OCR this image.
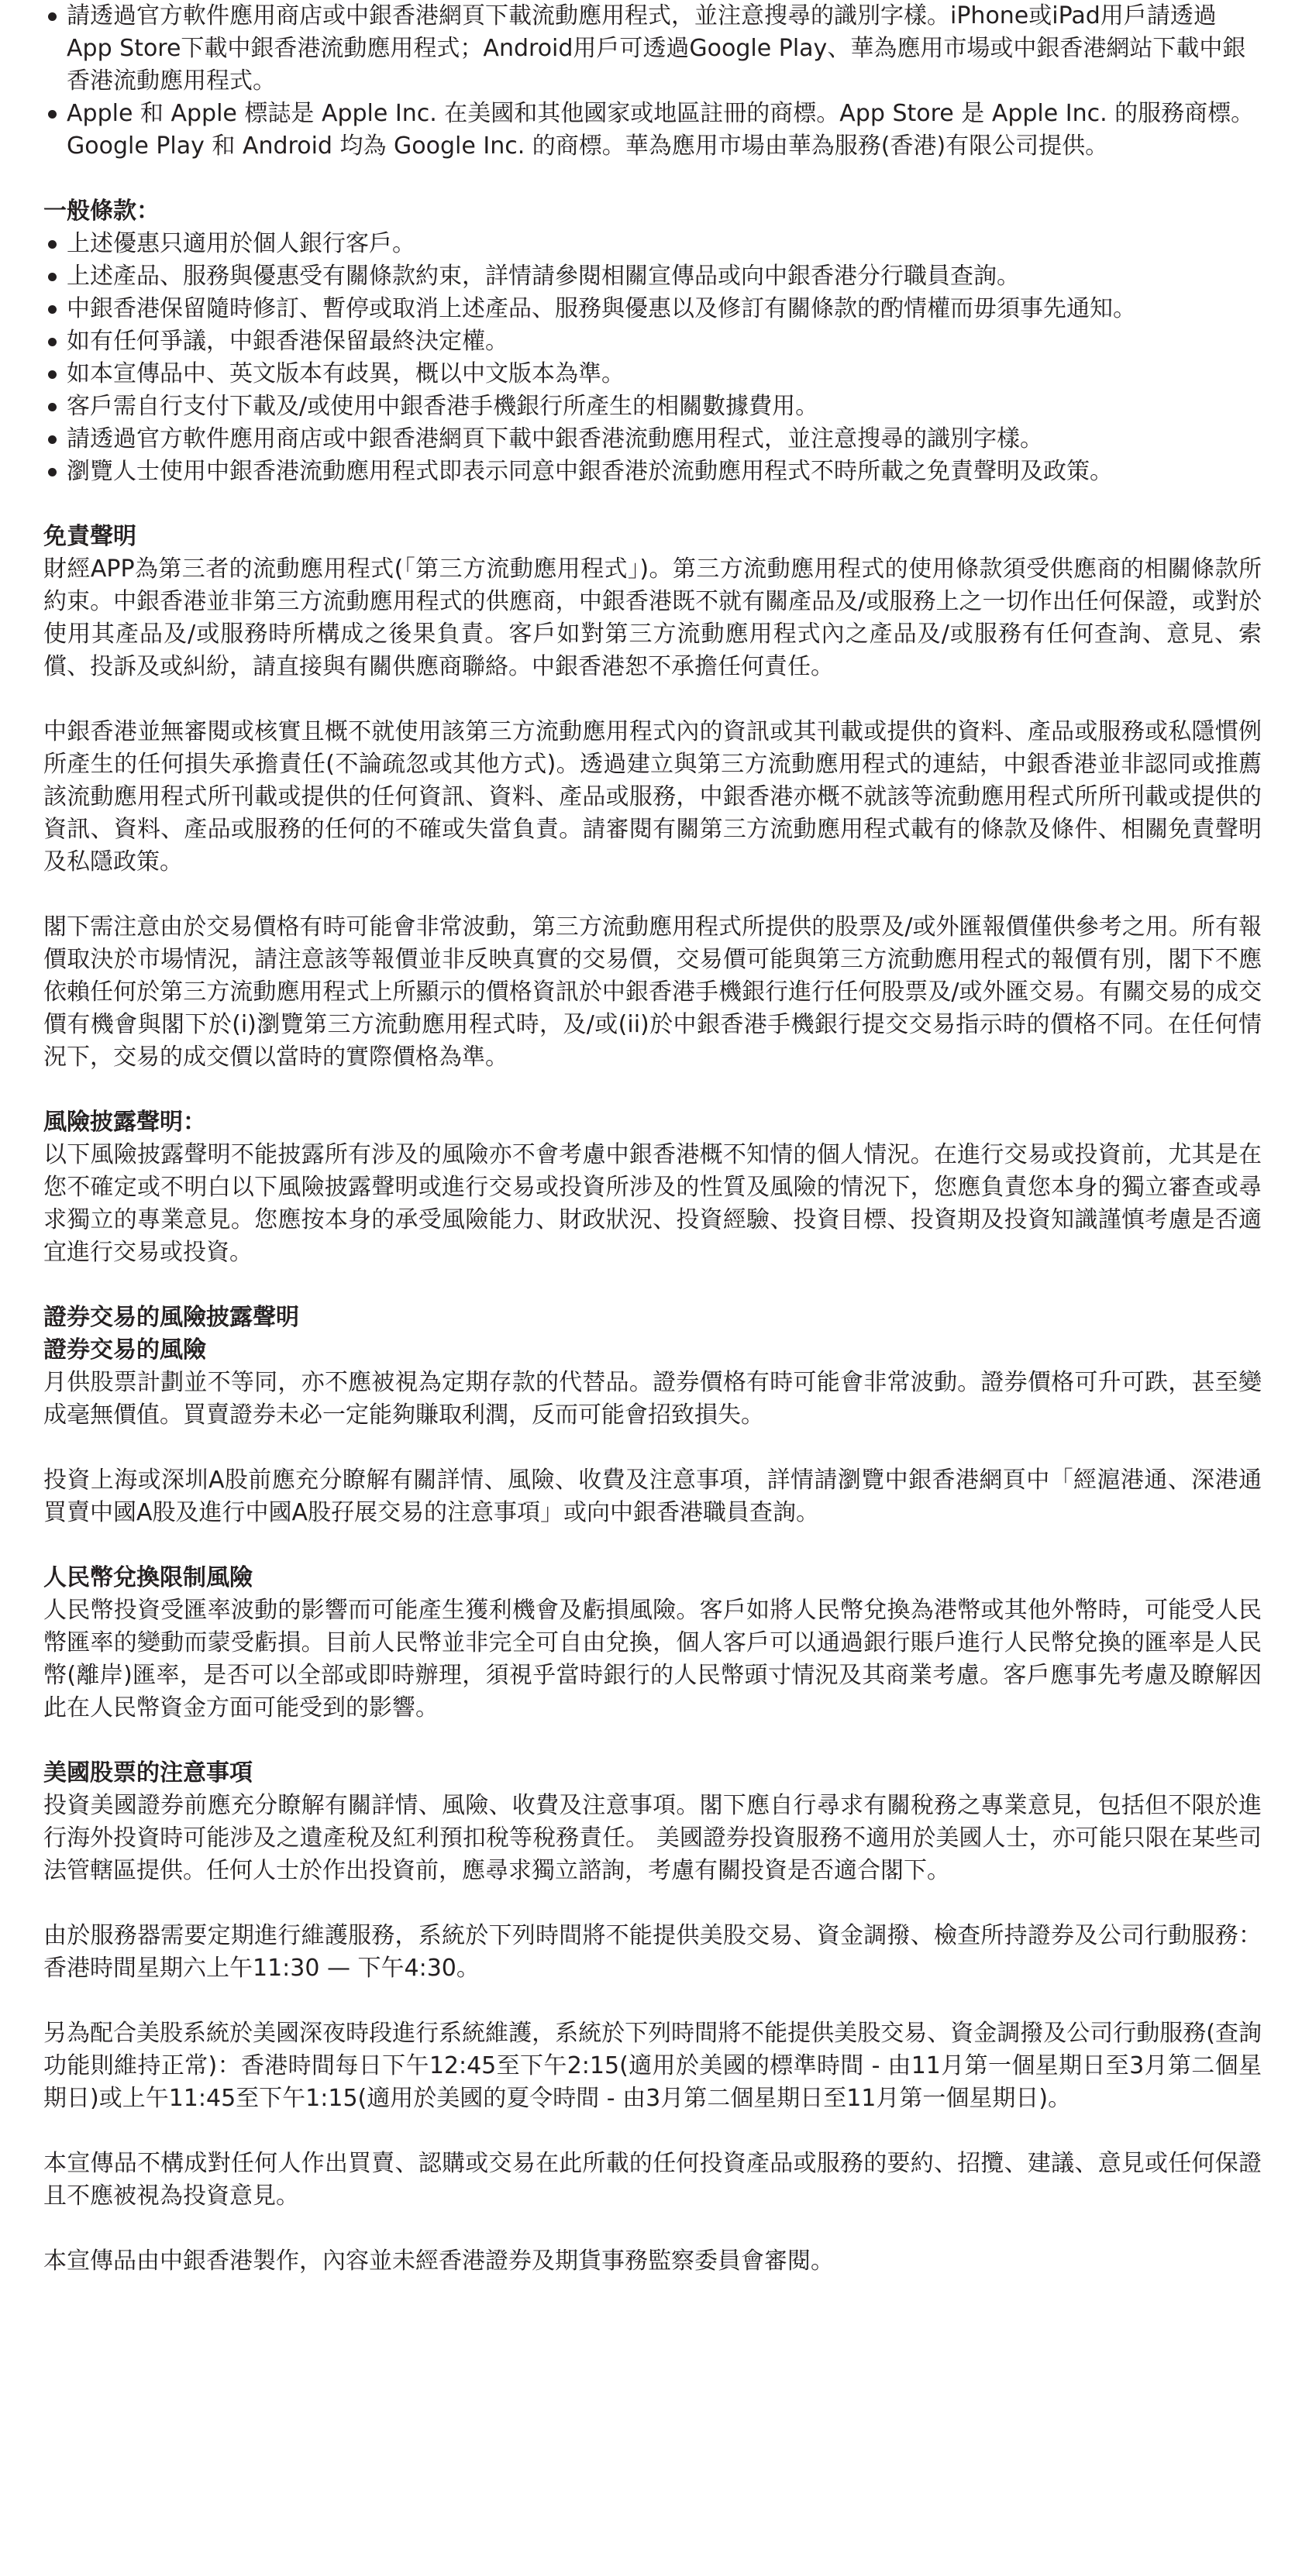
請透過官方軟件應用商店或中銀香港網頁下載流動應用程式，並注意搜尋的識別字樣。iPhone或iPad用戶請透過App Store下載中銀香港流動應用程式；Android用戶可透過Google Play、華為應用市場或中銀香港網站下載中銀香港流動應用程式。
Apple 和 Apple 標誌是 Apple Inc. 在美國和其他國家或地區註冊的商標。App Store 是 Apple Inc. 的服務商標。Google Play 和 Android 均為 Google Inc. 的商標。華為應用市場由華為服務(香港)有限公司提供。

一般條款：

上述優惠只適用於個人銀行客戶。
上述產品、服務與優惠受有關條款約束，詳情請參閱相關宣傳品或向中銀香港分行職員查詢。
中銀香港保留隨時修訂、暫停或取消上述產品、服務與優惠以及修訂有關條款的酌情權而毋須事先通知。
如有任何爭議，中銀香港保留最終決定權。
如本宣傳品中、英文版本有歧異，概以中文版本為準。
客戶需自行支付下載及/或使用中銀香港手機銀行所產生的相關數據費用。
請透過官方軟件應用商店或中銀香港網頁下載中銀香港流動應用程式，並注意搜尋的識別字樣。
瀏覽人士使用中銀香港流動應用程式即表示同意中銀香港於流動應用程式不時所載之免責聲明及政策。

免責聲明

財經APP為第三者的流動應用程式(「第三方流動應用程式」)。第三方流動應用程式的使用條款須受供應商的相關條款所約束。中銀香港並非第三方流動應用程式的供應商，中銀香港既不就有關產品及/或服務上之一切作出任何保證，或對於使用其產品及/或服務時所構成之後果負責。客戶如對第三方流動應用程式內之產品及/或服務有任何查詢、意見、索償、投訴及或糾紛，請直接與有關供應商聯絡。中銀香港恕不承擔任何責任。

中銀香港並無審閱或核實且概不就使用該第三方流動應用程式內的資訊或其刊載或提供的資料、產品或服務或私隱慣例所產生的任何損失承擔責任(不論疏忽或其他方式)。透過建立與第三方流動應用程式的連結，中銀香港並非認同或推薦該流動應用程式所刊載或提供的任何資訊、資料、產品或服務，中銀香港亦概不就該等流動應用程式所所刊載或提供的資訊、資料、產品或服務的任何的不確或失當負責。請審閱有關第三方流動應用程式載有的條款及條件、相關免責聲明及私隱政策。

閣下需注意由於交易價格有時可能會非常波動，第三方流動應用程式所提供的股票及/或外匯報價僅供參考之用。所有報價取決於市場情況，請注意該等報價並非反映真實的交易價，交易價可能與第三方流動應用程式的報價有別，閣下不應依賴任何於第三方流動應用程式上所顯示的價格資訊於中銀香港手機銀行進行任何股票及/或外匯交易。有關交易的成交價有機會與閣下於(i)瀏覽第三方流動應用程式時，及/或(ii)於中銀香港手機銀行提交交易指示時的價格不同。在任何情況下，交易的成交價以當時的實際價格為準。

風險披露聲明：

以下風險披露聲明不能披露所有涉及的風險亦不會考慮中銀香港概不知情的個人情況。在進行交易或投資前，尤其是在您不確定或不明白以下風險披露聲明或進行交易或投資所涉及的性質及風險的情況下，您應負責您本身的獨立審查或尋求獨立的專業意見。您應按本身的承受風險能力、財政狀況、投資經驗、投資目標、投資期及投資知識謹慎考慮是否適宜進行交易或投資。

證券交易的風險披露聲明

證券交易的風險

月供股票計劃並不等同，亦不應被視為定期存款的代替品。證券價格有時可能會非常波動。證券價格可升可跌，甚至變成毫無價值。買賣證券未必一定能夠賺取利潤，反而可能會招致損失。

投資上海或深圳A股前應充分瞭解有關詳情、風險、收費及注意事項，詳情請瀏覽中銀香港網頁中「經滬港通、深港通買賣中國A股及進行中國A股孖展交易的注意事項」或向中銀香港職員查詢。

人民幣兌換限制風險

人民幣投資受匯率波動的影響而可能產生獲利機會及虧損風險。客戶如將人民幣兌換為港幣或其他外幣時，可能受人民幣匯率的變動而蒙受虧損。目前人民幣並非完全可自由兌換，個人客戶可以通過銀行賬戶進行人民幣兌換的匯率是人民幣(離岸)匯率，是否可以全部或即時辦理，須視乎當時銀行的人民幣頭寸情況及其商業考慮。客戶應事先考慮及瞭解因此在人民幣資金方面可能受到的影響。

美國股票的注意事項

投資美國證券前應充分瞭解有關詳情、風險、收費及注意事項。閣下應自行尋求有關稅務之專業意見，包括但不限於進行海外投資時可能涉及之遺產稅及紅利預扣稅等稅務責任。 美國證券投資服務不適用於美國人士，亦可能只限在某些司法管轄區提供。任何人士於作出投資前，應尋求獨立諮詢，考慮有關投資是否適合閣下。

由於服務器需要定期進行維護服務，系統於下列時間將不能提供美股交易、資金調撥、檢查所持證券及公司行動服務：香港時間星期六上午11:30 — 下午4:30。

另為配合美股系統於美國深夜時段進行系統維護，系統於下列時間將不能提供美股交易、資金調撥及公司行動服務(查詢功能則維持正常)：香港時間每日下午12:45至下午2:15(適用於美國的標準時間 - 由11月第一個星期日至3月第二個星期日)或上午11:45至下午1:15(適用於美國的夏令時間 - 由3月第二個星期日至11月第一個星期日)。

本宣傳品不構成對任何人作出買賣、認購或交易在此所載的任何投資產品或服務的要約、招攬、建議、意見或任何保證且不應被視為投資意見。

本宣傳品由中銀香港製作，內容並未經香港證券及期貨事務監察委員會審閱。
